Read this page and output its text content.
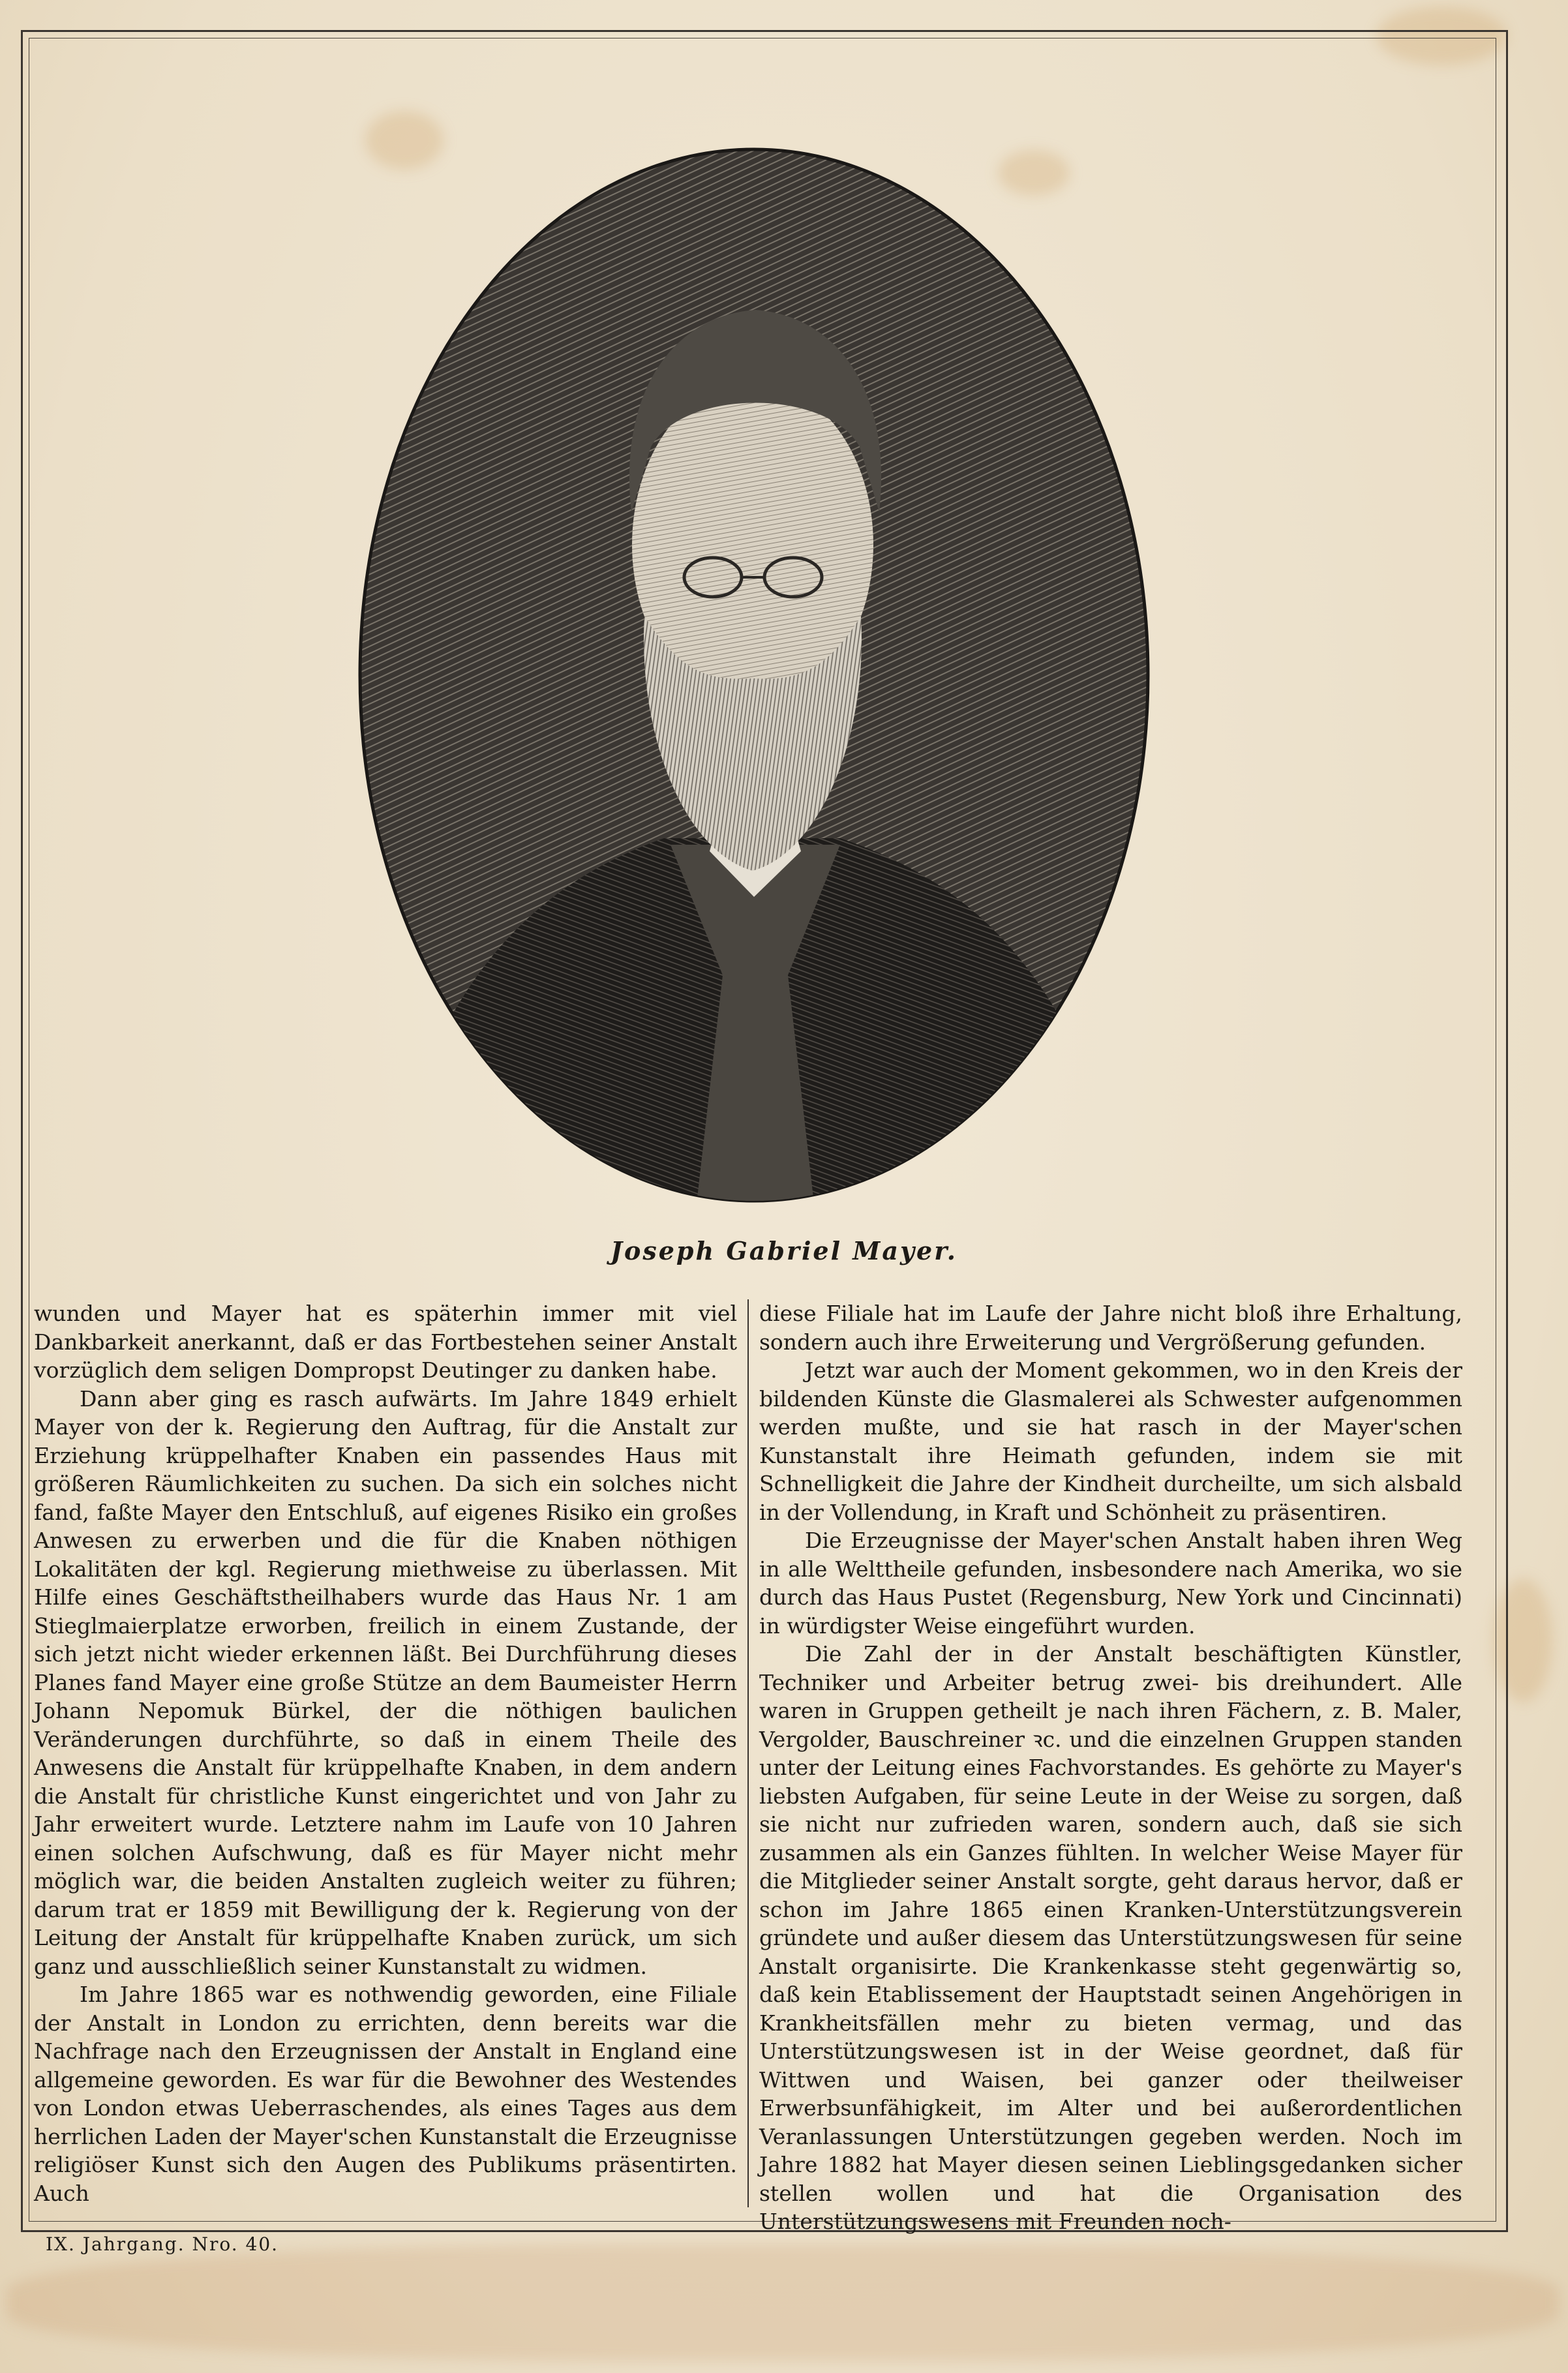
Joseph Gabriel Mayer.

wunden und Mayer hat es späterhin immer mit viel Dankbarkeit anerkannt, daß er das Fortbestehen seiner Anstalt vorzüglich dem seligen Dompropst Deutinger zu danken habe.

Dann aber ging es rasch aufwärts. Im Jahre 1849 erhielt Mayer von der k. Regierung den Auftrag, für die Anstalt zur Erziehung krüppelhafter Knaben ein passendes Haus mit größeren Räumlichkeiten zu suchen. Da sich ein solches nicht fand, faßte Mayer den Entschluß, auf eigenes Risiko ein großes Anwesen zu erwerben und die für die Knaben nöthigen Lokalitäten der kgl. Regierung miethweise zu überlassen. Mit Hilfe eines Geschäftstheilhabers wurde das Haus Nr. 1 am Stieglmaierplatze erworben, freilich in einem Zustande, der sich jetzt nicht wieder erkennen läßt. Bei Durchführung dieses Planes fand Mayer eine große Stütze an dem Baumeister Herrn Johann Nepomuk Bürkel, der die nöthigen baulichen Veränderungen durchführte, so daß in einem Theile des Anwesens die Anstalt für krüppelhafte Knaben, in dem andern die Anstalt für christliche Kunst eingerichtet und von Jahr zu Jahr erweitert wurde. Letztere nahm im Laufe von 10 Jahren einen solchen Aufschwung, daß es für Mayer nicht mehr möglich war, die beiden Anstalten zugleich weiter zu führen; darum trat er 1859 mit Bewilligung der k. Regierung von der Leitung der Anstalt für krüppelhafte Knaben zurück, um sich ganz und ausschließlich seiner Kunstanstalt zu widmen.

Im Jahre 1865 war es nothwendig geworden, eine Filiale der Anstalt in London zu errichten, denn bereits war die Nachfrage nach den Erzeugnissen der Anstalt in England eine allgemeine geworden. Es war für die Bewohner des Westendes von London etwas Ueberraschendes, als eines Tages aus dem herrlichen Laden der Mayer'schen Kunstanstalt die Erzeugnisse religiöser Kunst sich den Augen des Publikums präsentirten. Auch

diese Filiale hat im Laufe der Jahre nicht bloß ihre Erhaltung, sondern auch ihre Erweiterung und Vergrößerung gefunden.

Jetzt war auch der Moment gekommen, wo in den Kreis der bildenden Künste die Glasmalerei als Schwester aufgenommen werden mußte, und sie hat rasch in der Mayer'schen Kunstanstalt ihre Heimath gefunden, indem sie mit Schnelligkeit die Jahre der Kindheit durcheilte, um sich alsbald in der Vollendung, in Kraft und Schönheit zu präsentiren.

Die Erzeugnisse der Mayer'schen Anstalt haben ihren Weg in alle Welttheile gefunden, insbesondere nach Amerika, wo sie durch das Haus Pustet (Regensburg, New York und Cincinnati) in würdigster Weise eingeführt wurden.

Die Zahl der in der Anstalt beschäftigten Künstler, Techniker und Arbeiter betrug zwei- bis dreihundert. Alle waren in Gruppen getheilt je nach ihren Fächern, z. B. Maler, Vergolder, Bauschreiner ꝛc. und die einzelnen Gruppen standen unter der Leitung eines Fachvorstandes. Es gehörte zu Mayer's liebsten Aufgaben, für seine Leute in der Weise zu sorgen, daß sie nicht nur zufrieden waren, sondern auch, daß sie sich zusammen als ein Ganzes fühlten. In welcher Weise Mayer für die Mitglieder seiner Anstalt sorgte, geht daraus hervor, daß er schon im Jahre 1865 einen Kranken-Unterstützungsverein gründete und außer diesem das Unterstützungswesen für seine Anstalt organisirte. Die Krankenkasse steht gegenwärtig so, daß kein Etablissement der Hauptstadt seinen Angehörigen in Krankheitsfällen mehr zu bieten vermag, und das Unterstützungswesen ist in der Weise geordnet, daß für Wittwen und Waisen, bei ganzer oder theilweiser Erwerbsunfähigkeit, im Alter und bei außerordentlichen Veranlassungen Unterstützungen gegeben werden. Noch im Jahre 1882 hat Mayer diesen seinen Lieblingsgedanken sicher stellen wollen und hat die Organisation des Unterstützungswesens mit Freunden noch-

IX. Jahrgang. Nro. 40.
